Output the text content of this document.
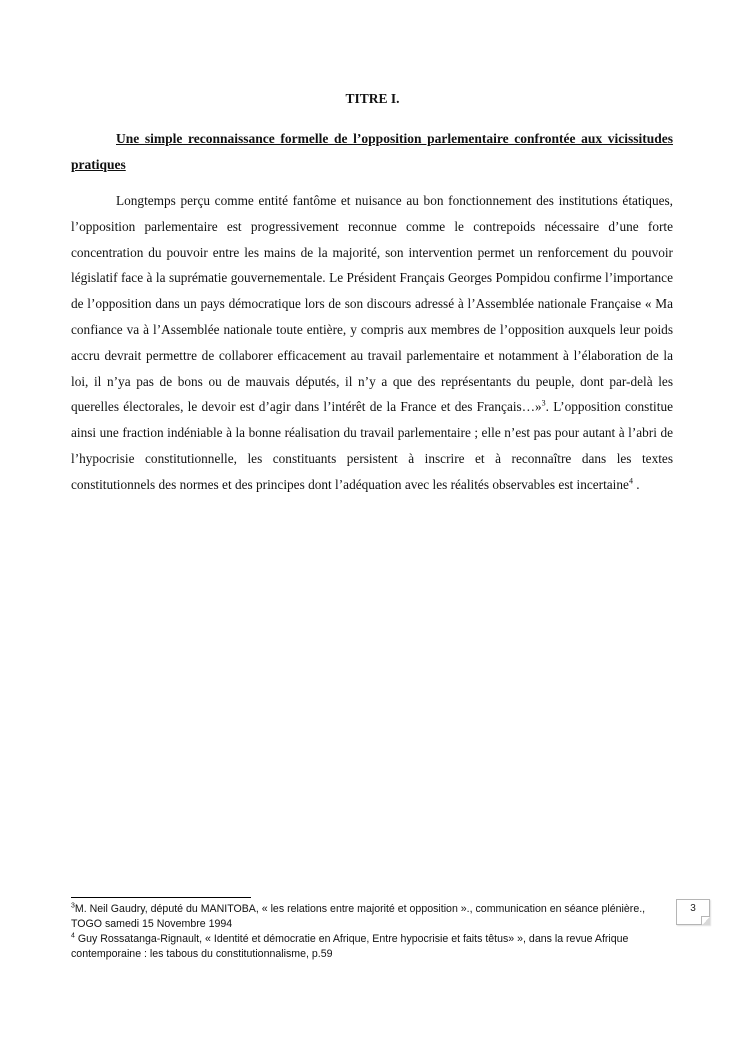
TITRE I.
Une simple reconnaissance formelle de l’opposition parlementaire confrontée aux vicissitudes pratiques

Longtemps perçu comme entité fantôme et nuisance au bon fonctionnement des institutions étatiques, l’opposition parlementaire est progressivement reconnue comme le contrepoids nécessaire d’une forte concentration du pouvoir entre les mains de la majorité, son intervention permet un renforcement du pouvoir législatif face à la suprématie gouvernementale. Le Président Français Georges Pompidou confirme l’importance de l’opposition dans un pays démocratique lors de son discours adressé à l’Assemblée nationale Française « Ma confiance va à l’Assemblée nationale toute entière, y compris aux membres de l’opposition auxquels leur poids accru devrait permettre de collaborer efficacement au travail parlementaire et notamment à l’élaboration de la loi, il n’ya pas de bons ou de mauvais députés, il n’y a que des représentants du peuple, dont par-delà les querelles électorales, le devoir est d’agir dans l’intérêt de la France et des Français…»$^3$. L’opposition constitue ainsi une fraction indéniable à la bonne réalisation du travail parlementaire ; elle n’est pas pour autant à l’abri de l’hypocrisie constitutionnelle, les constituants persistent à inscrire et à reconnaître dans les textes constitutionnels des normes et des principes dont l’adéquation avec les réalités observables est incertaine$^4$ .

$^3$M. Neil Gaudry, député du MANITOBA, « les relations entre majorité et opposition »., communication en séance plénière., TOGO samedi 15 Novembre 1994

$^4$ Guy Rossatanga-Rignault, « Identité et démocratie en Afrique, Entre hypocrisie et faits têtus» », dans la revue Afrique contemporaine : les tabous du constitutionnalisme, p.59

3
